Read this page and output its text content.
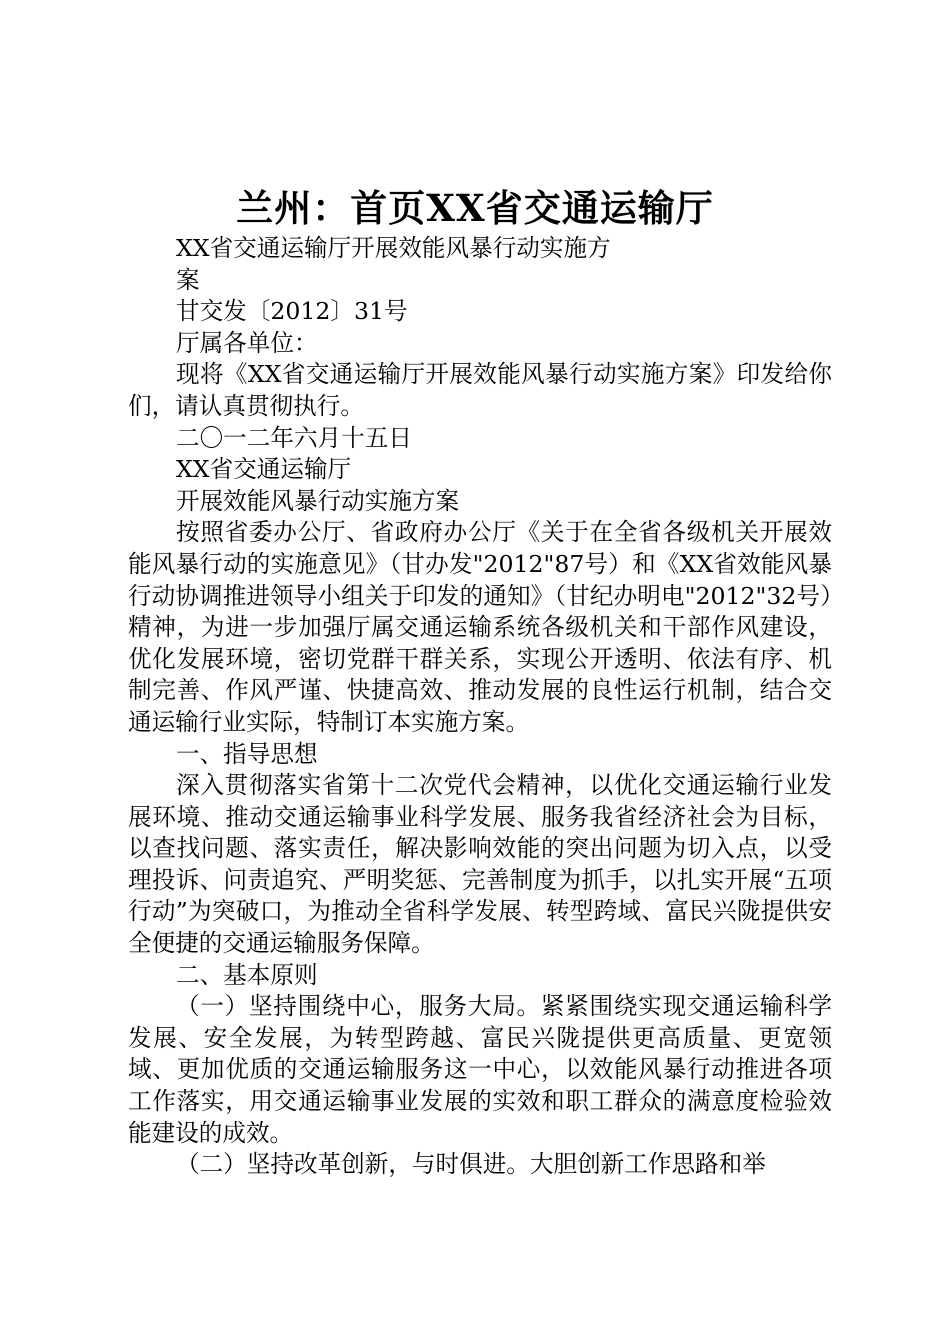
兰州：首页XX省交通运输厅
XX省交通运输厅开展效能风暴行动实施方
案
甘交发〔2012〕31号
厅属各单位：

现将《XX省交通运输厅开展效能风暴行动实施方案》印发给你们，请认真贯彻执行。

二〇一二年六月十五日
XX省交通运输厅
开展效能风暴行动实施方案

按照省委办公厅、省政府办公厅《关于在全省各级机关开展效能风暴行动的实施意见》（甘办发"2012"87号）和《XX省效能风暴行动协调推进领导小组关于印发的通知》（甘纪办明电"2012"32号）精神，为进一步加强厅属交通运输系统各级机关和干部作风建设，优化发展环境，密切党群干群关系，实现公开透明、依法有序、机制完善、作风严谨、快捷高效、推动发展的良性运行机制，结合交通运输行业实际，特制订本实施方案。

一、指导思想

深入贯彻落实省第十二次党代会精神，以优化交通运输行业发展环境、推动交通运输事业科学发展、服务我省经济社会为目标，以查找问题、落实责任，解决影响效能的突出问题为切入点，以受理投诉、问责追究、严明奖惩、完善制度为抓手，以扎实开展“五项行动”为突破口，为推动全省科学发展、转型跨域、富民兴陇提供安全便捷的交通运输服务保障。

二、基本原则

（一）坚持围绕中心，服务大局。紧紧围绕实现交通运输科学发展、安全发展，为转型跨越、富民兴陇提供更高质量、更宽领域、更加优质的交通运输服务这一中心，以效能风暴行动推进各项工作落实，用交通运输事业发展的实效和职工群众的满意度检验效能建设的成效。

（二）坚持改革创新，与时俱进。大胆创新工作思路和举
